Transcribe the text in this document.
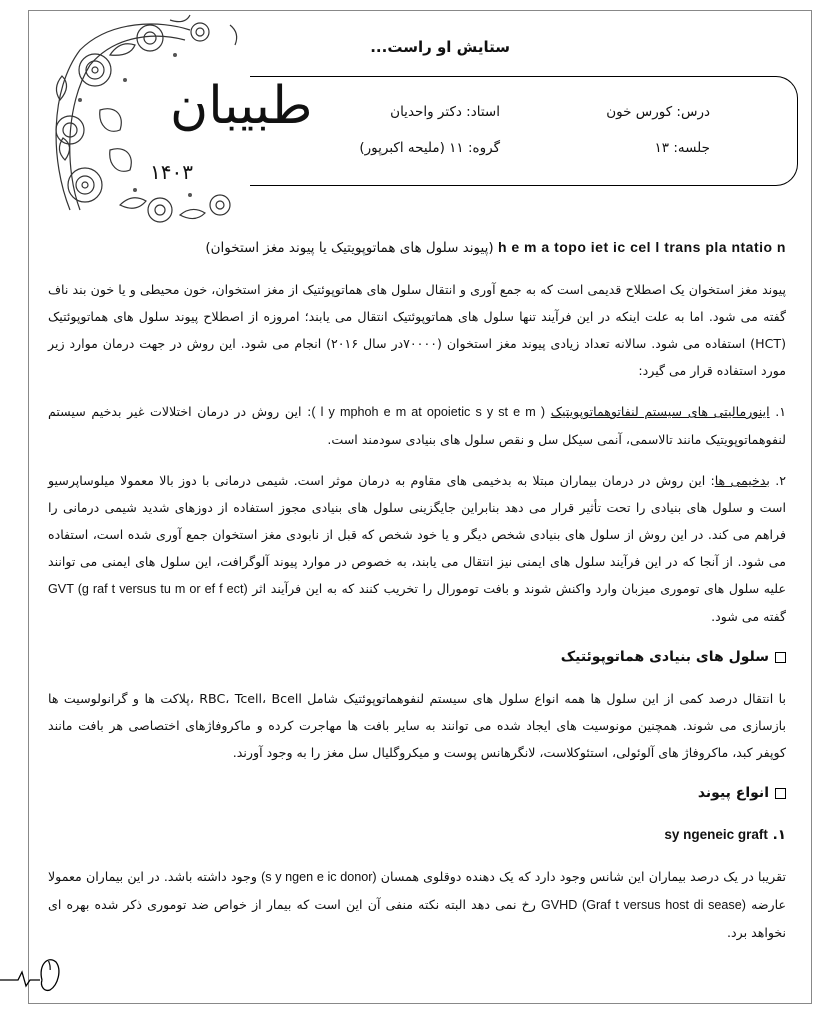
طبیبان
۱۴۰۳
ستایش او راست...
درس: کورس خون
استاد: دکتر واحدیان
جلسه: ۱۳
گروه: ۱۱ (ملیحه اکبرپور)

h e m a topo iet ic cel l trans pla ntatio n (پیوند سلول های هماتوپویتیک یا پیوند مغز استخوان)

پیوند مغز استخوان یک اصطلاح قدیمی است که به جمع آوری و انتقال سلول های هماتوپوئتیک از مغز استخوان، خون محیطی و یا خون بند ناف گفته می شود. اما به علت اینکه در این فرآیند تنها سلول های هماتوپوئتیک انتقال می یابند؛ امروزه از اصطلاح پیوند سلول های هماتوپوئتیک (HCT) استفاده می شود. سالانه تعداد زیادی پیوند مغز استخوان (۷۰۰۰۰در سال ۲۰۱۶) انجام می شود. این روش در جهت درمان موارد زیر مورد استفاده قرار می گیرد:

۱. اینورمالیتی های سیستم لنفاتوهماتوپویتیک ( l y mphoh e m at opoietic s y st e m ): این روش در درمان اختلالات غیر بدخیم سیستم لنفوهماتوپویتیک مانند تالاسمی، آنمی سیکل سل و نقص سلول های بنیادی سودمند است.

۲. بدخیمی ها: این روش در درمان بیماران مبتلا به بدخیمی های مقاوم به درمان موثر است. شیمی درمانی با دوز بالا معمولا میلوساپرسیو است و سلول های بنیادی را تحت تأثیر قرار می دهد بنابراین جایگزینی سلول های بنیادی مجوز استفاده از دوزهای شدید شیمی درمانی را فراهم می کند. در این روش از سلول های بنیادی شخص دیگر و یا خود شخص که قبل از نابودی مغز استخوان جمع آوری شده است، استفاده می شود. از آنجا که در این فرآیند سلول های ایمنی نیز انتقال می یابند، به خصوص در موارد پیوند آلوگرافت، این سلول های ایمنی می توانند علیه سلول های توموری میزبان وارد واکنش شوند و بافت تومورال را تخریب کنند که به این فرآیند اثر GVT (g raf t versus tu m or ef f ect) گفته می شود.

سلول های بنیادی هماتوپوئتیک

با انتقال درصد کمی از این سلول ها همه انواع سلول های سیستم لنفوهماتوپوئتیک شامل RBC، Tcell، Bcell ،پلاکت ها و گرانولوسیت ها بازسازی می شوند. همچنین مونوسیت های ایجاد شده می توانند به سایر بافت ها مهاجرت کرده و ماکروفاژهای اختصاصی هر بافت مانند کوپفر کبد، ماکروفاژ های آلوئولی، استئوکلاست، لانگرهانس پوست و میکروگلیال سل مغز را به وجود آورند.

انواع پیوند

۱. sy ngeneic graft

تقریبا در یک درصد بیماران این شانس وجود دارد که یک دهنده دوقلوی همسان (s y ngen e ic donor) وجود داشته باشد. در این بیماران معمولا عارضه GVHD (Graf t versus host di sease) رخ نمی دهد البته نکته منفی آن این است که بیمار از خواص ضد توموری ذکر شده بهره ای نخواهد برد.

۱
